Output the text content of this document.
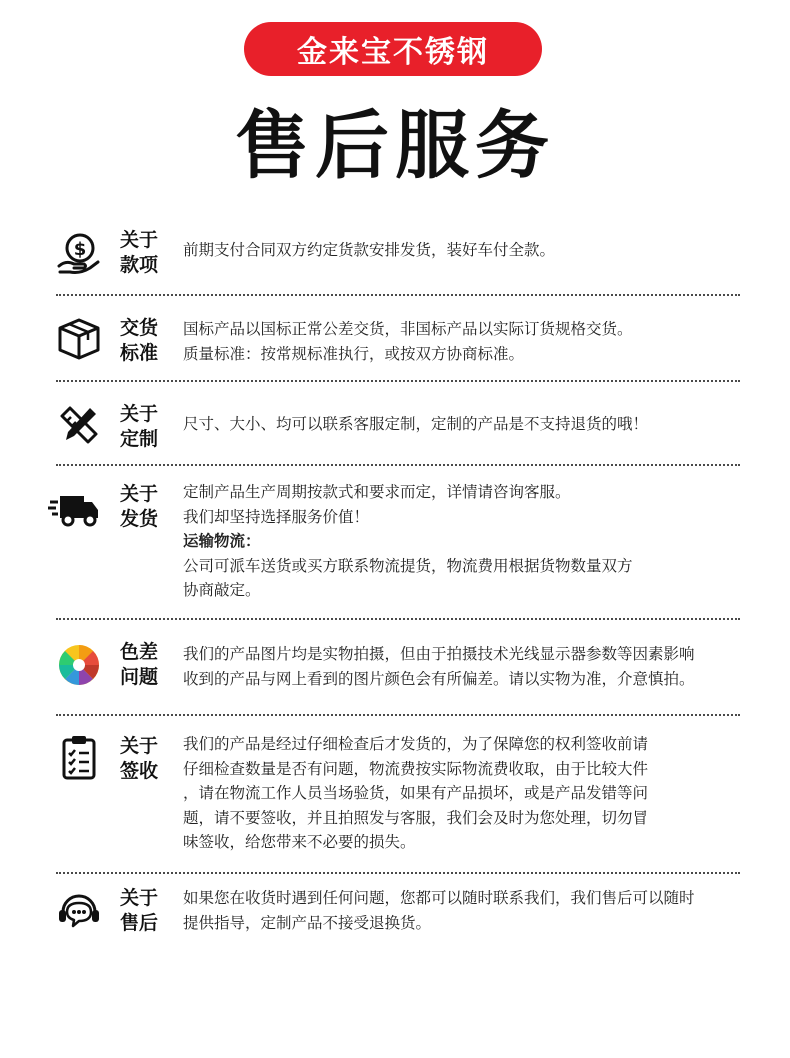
金来宝不锈钢
售后服务
$ 关于
款项

前期支付合同双方约定货款安排发货，装好车付全款。

交货
标准

国标产品以国标正常公差交货，非国标产品以实际订货规格交货。

质量标准：按常规标准执行，或按双方协商标准。

关于
定制

尺寸、大小、均可以联系客服定制，定制的产品是不支持退货的哦！

关于
发货

定制产品生产周期按款式和要求而定，详情请咨询客服。

我们却坚持选择服务价值！

运输物流：

公司可派车送货或买方联系物流提货，物流费用根据货物数量双方

协商敲定。

色差
问题

我们的产品图片均是实物拍摄，但由于拍摄技术光线显示器参数等因素影响

收到的产品与网上看到的图片颜色会有所偏差。请以实物为准，介意慎拍。

关于
签收

我们的产品是经过仔细检查后才发货的，为了保障您的权利签收前请

仔细检查数量是否有问题，物流费按实际物流费收取，由于比较大件

，请在物流工作人员当场验货，如果有产品损坏，或是产品发错等问

题，请不要签收，并且拍照发与客服，我们会及时为您处理，切勿冒

味签收，给您带来不必要的损失。

关于
售后

如果您在收货时遇到任何问题，您都可以随时联系我们，我们售后可以随时

提供指导，定制产品不接受退换货。
